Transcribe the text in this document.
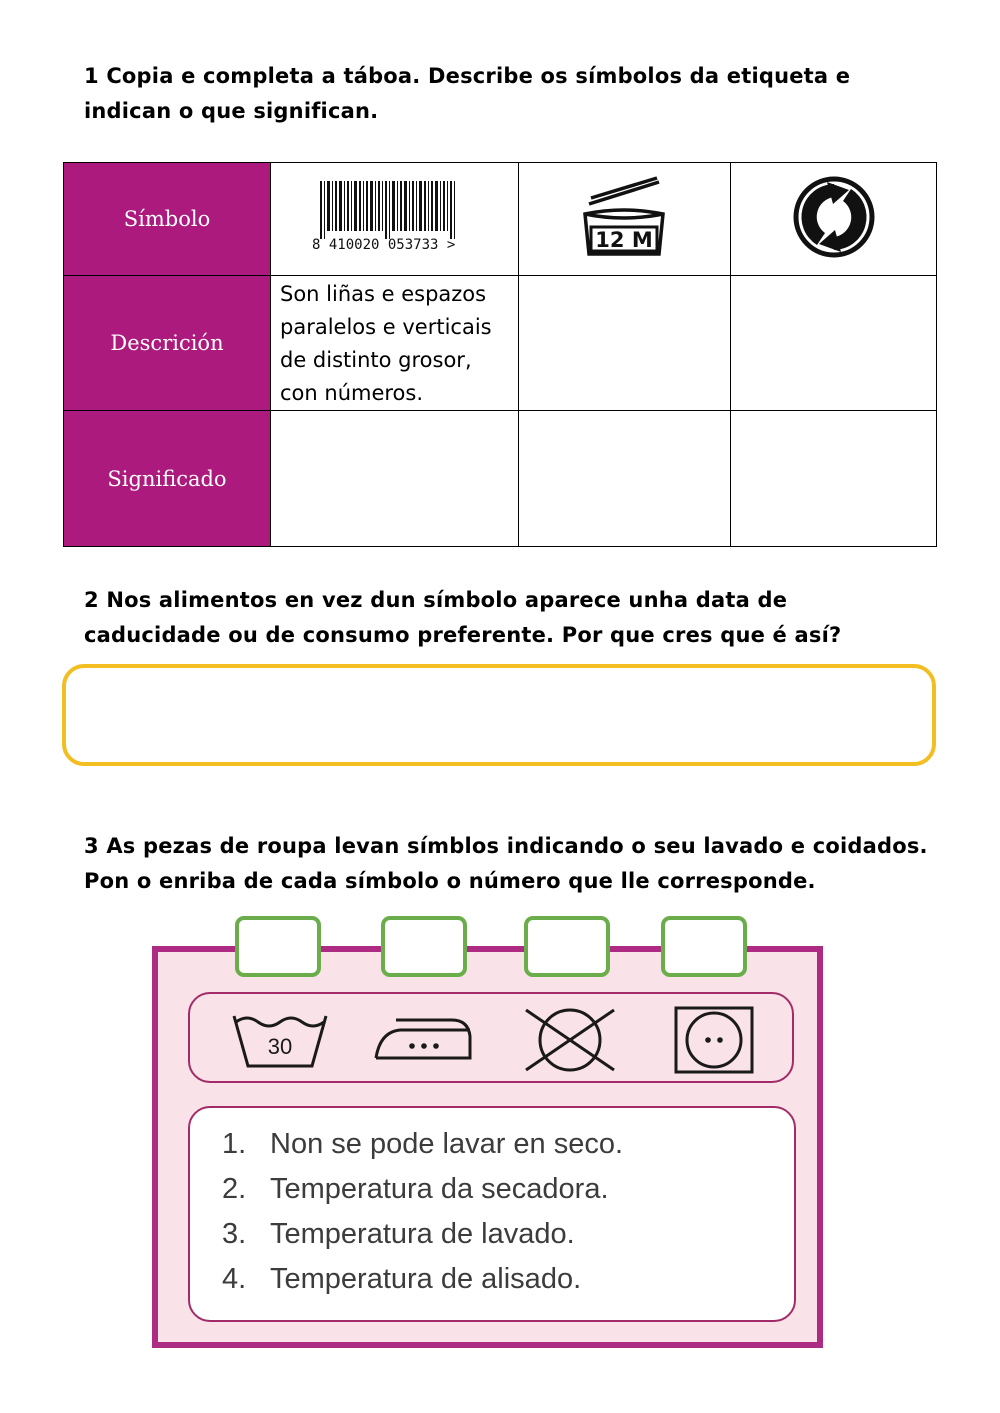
1 Copia e completa a táboa. Describe os símbolos da etiqueta e
indican o que significan.
Símbolo	8 410020 053733 >	12 M

Descrición	Son liñas e espazos
paralelos e verticais
de distinto grosor,
con números.		

Significado			
2 Nos alimentos en vez dun símbolo aparece unha data de
caducidade ou de consumo preferente. Por que cres que é así?
3 As pezas de roupa levan símblos indicando o seu lavado e coidados.
Pon o enriba de cada símbolo o número que lle corresponde.
30
1. Non se pode lavar en seco.
2. Temperatura da secadora.
3. Temperatura de lavado.
4. Temperatura de alisado.
